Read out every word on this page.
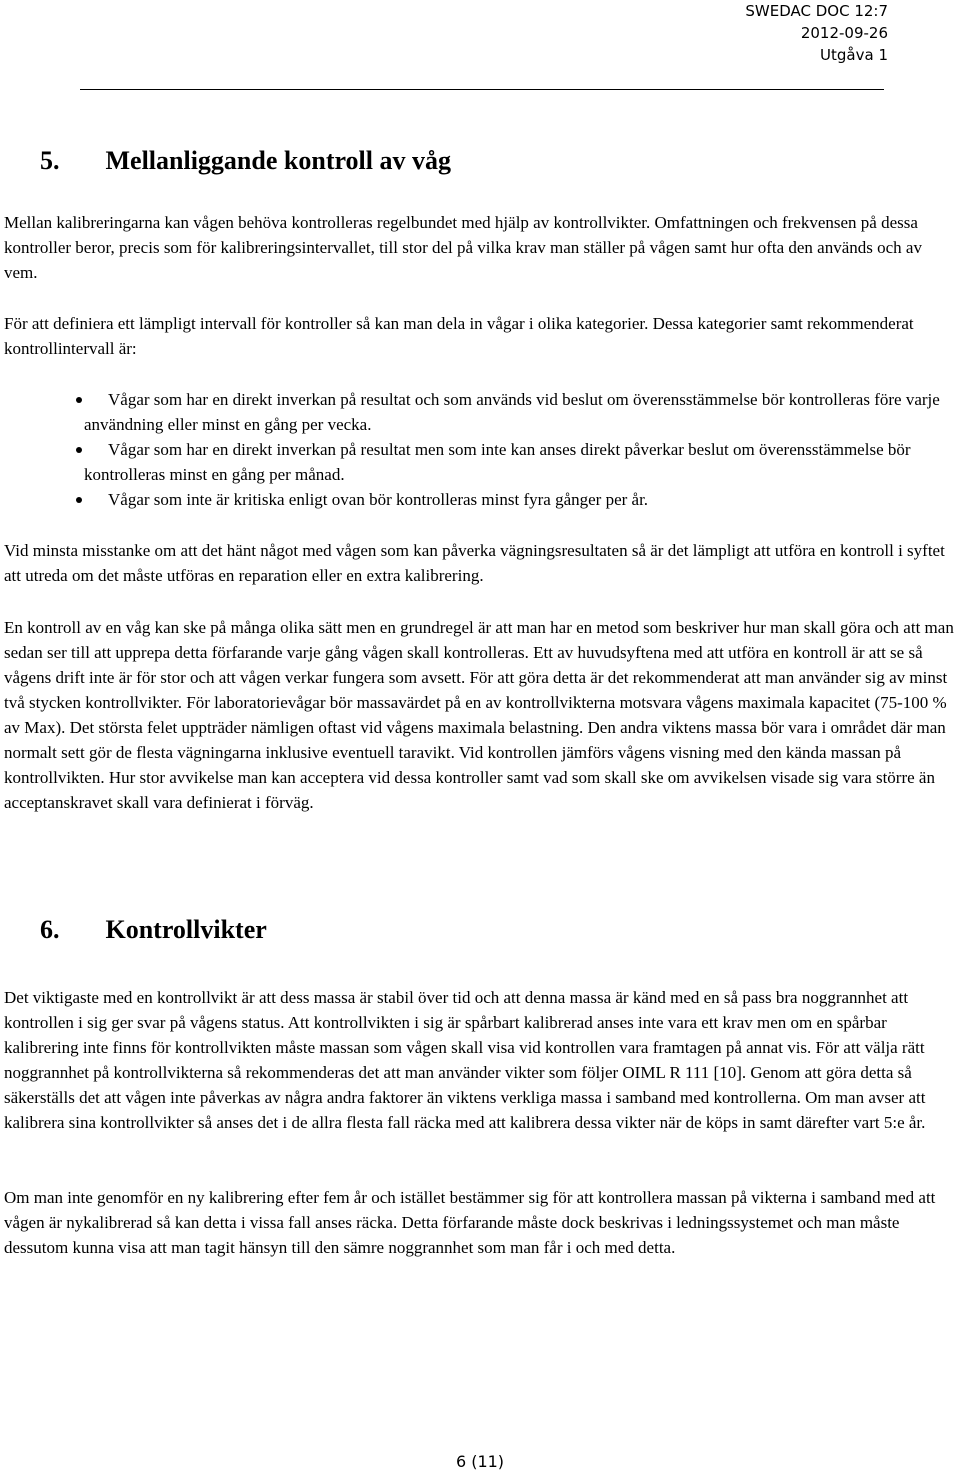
SWEDAC DOC 12:7
2012-09-26
Utgåva 1
5. Mellanliggande kontroll av våg

Mellan kalibreringarna kan vågen behöva kontrolleras regelbundet med hjälp av kontrollvikter. Omfattningen och frekvensen på dessa kontroller beror, precis som för kalibreringsintervallet, till stor del på vilka krav man ställer på vågen samt hur ofta den används och av vem.

För att definiera ett lämpligt intervall för kontroller så kan man dela in vågar i olika kategorier. Dessa kategorier samt rekommenderat kontrollintervall är:

Vågar som har en direkt inverkan på resultat och som används vid beslut om överensstämmelse bör kontrolleras före varje användning eller minst en gång per vecka.
Vågar som har en direkt inverkan på resultat men som inte kan anses direkt påverkar beslut om överensstämmelse bör kontrolleras minst en gång per månad.
Vågar som inte är kritiska enligt ovan bör kontrolleras minst fyra gånger per år.

Vid minsta misstanke om att det hänt något med vågen som kan påverka vägningsresultaten så är det lämpligt att utföra en kontroll i syftet att utreda om det måste utföras en reparation eller en extra kalibrering.

En kontroll av en våg kan ske på många olika sätt men en grundregel är att man har en metod som beskriver hur man skall göra och att man sedan ser till att upprepa detta förfarande varje gång vågen skall kontrolleras. Ett av huvudsyftena med att utföra en kontroll är att se så vågens drift inte är för stor och att vågen verkar fungera som avsett. För att göra detta är det rekommenderat att man använder sig av minst två stycken kontrollvikter. För laboratorievågar bör massavärdet på en av kontrollvikterna motsvara vågens maximala kapacitet (75-100 % av Max). Det största felet uppträder nämligen oftast vid vågens maximala belastning. Den andra viktens massa bör vara i området där man normalt sett gör de flesta vägningarna inklusive eventuell taravikt. Vid kontrollen jämförs vågens visning med den kända massan på kontrollvikten. Hur stor avvikelse man kan acceptera vid dessa kontroller samt vad som skall ske om avvikelsen visade sig vara större än acceptanskravet skall vara definierat i förväg.

6. Kontrollvikter

Det viktigaste med en kontrollvikt är att dess massa är stabil över tid och att denna massa är känd med en så pass bra noggrannhet att kontrollen i sig ger svar på vågens status. Att kontrollvikten i sig är spårbart kalibrerad anses inte vara ett krav men om en spårbar kalibrering inte finns för kontrollvikten måste massan som vågen skall visa vid kontrollen vara framtagen på annat vis. För att välja rätt noggrannhet på kontrollvikterna så rekommenderas det att man använder vikter som följer OIML R 111 [10]. Genom att göra detta så säkerställs det att vågen inte påverkas av några andra faktorer än viktens verkliga massa i samband med kontrollerna. Om man avser att kalibrera sina kontrollvikter så anses det i de allra flesta fall räcka med att kalibrera dessa vikter när de köps in samt därefter vart 5:e år.

Om man inte genomför en ny kalibrering efter fem år och istället bestämmer sig för att kontrollera massan på vikterna i samband med att vågen är nykalibrerad så kan detta i vissa fall anses räcka. Detta förfarande måste dock beskrivas i ledningssystemet och man måste dessutom kunna visa att man tagit hänsyn till den sämre noggrannhet som man får i och med detta.

6 (11)
